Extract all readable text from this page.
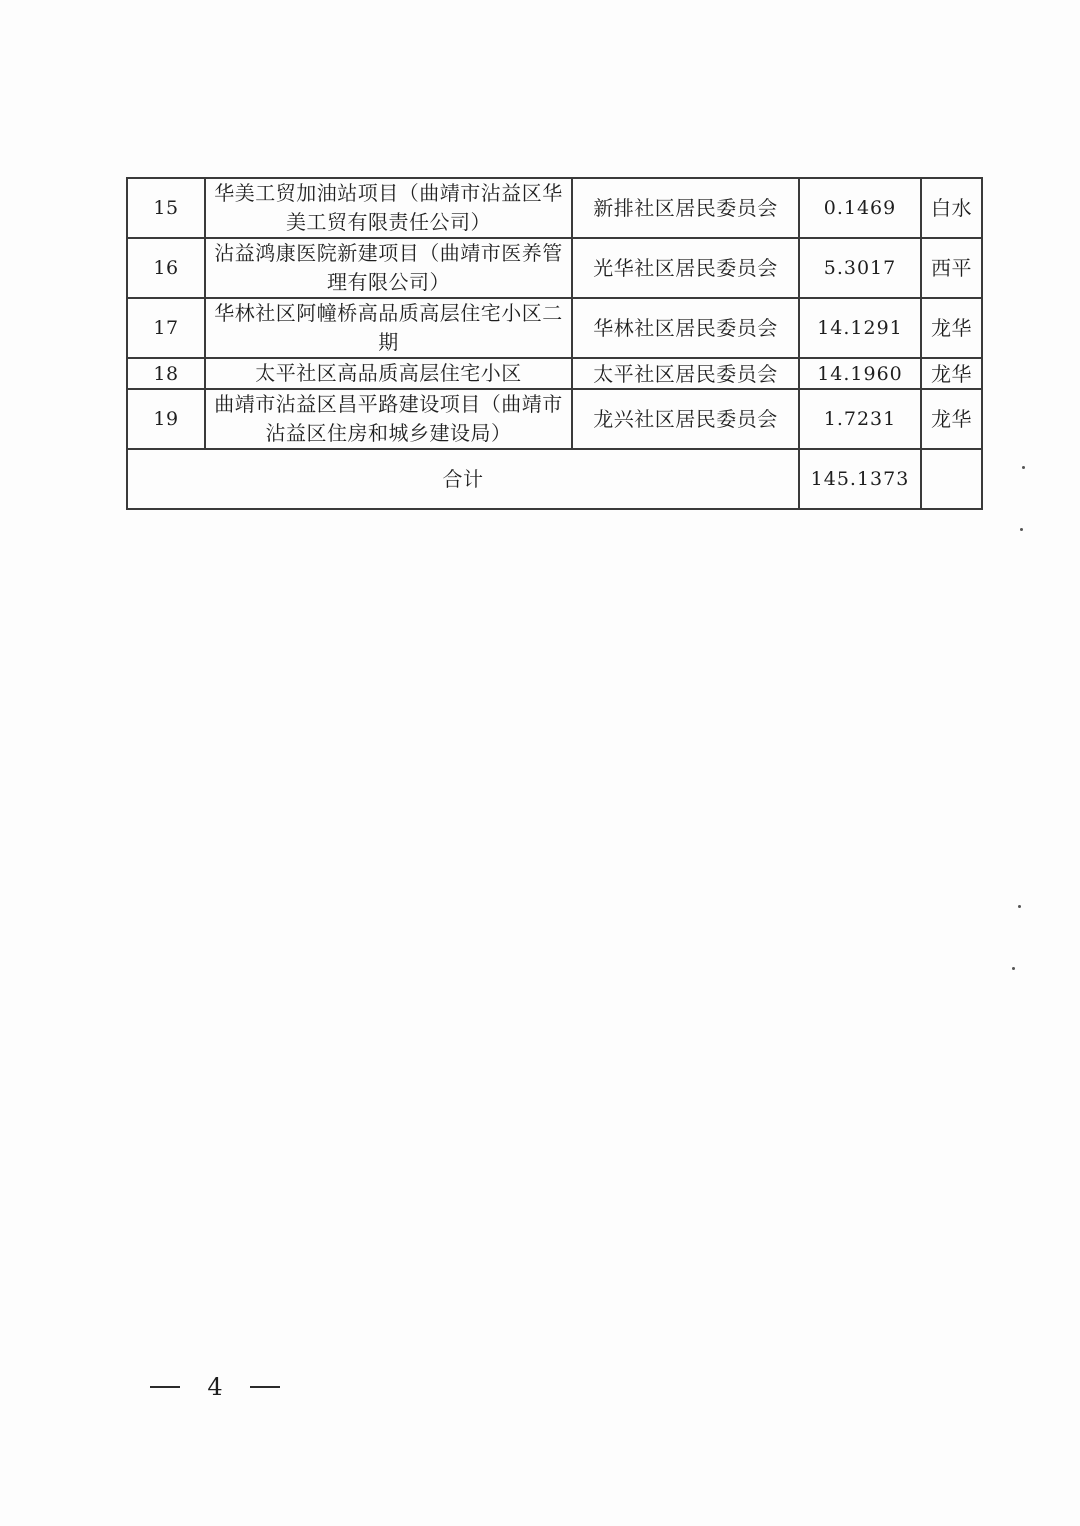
15	华美工贸加油站项目（曲靖市沾益区华美工贸有限责任公司）	新排社区居民委员会	0.1469	白水
16	沾益鸿康医院新建项目（曲靖市医养管理有限公司）	光华社区居民委员会	5.3017	西平
17	华林社区阿幢桥高品质高层住宅小区二期	华林社区居民委员会	14.1291	龙华
18	太平社区高品质高层住宅小区	太平社区居民委员会	14.1960	龙华
19	曲靖市沾益区昌平路建设项目（曲靖市沾益区住房和城乡建设局）	龙兴社区居民委员会	1.7231	龙华
合计			145.1373	
4
